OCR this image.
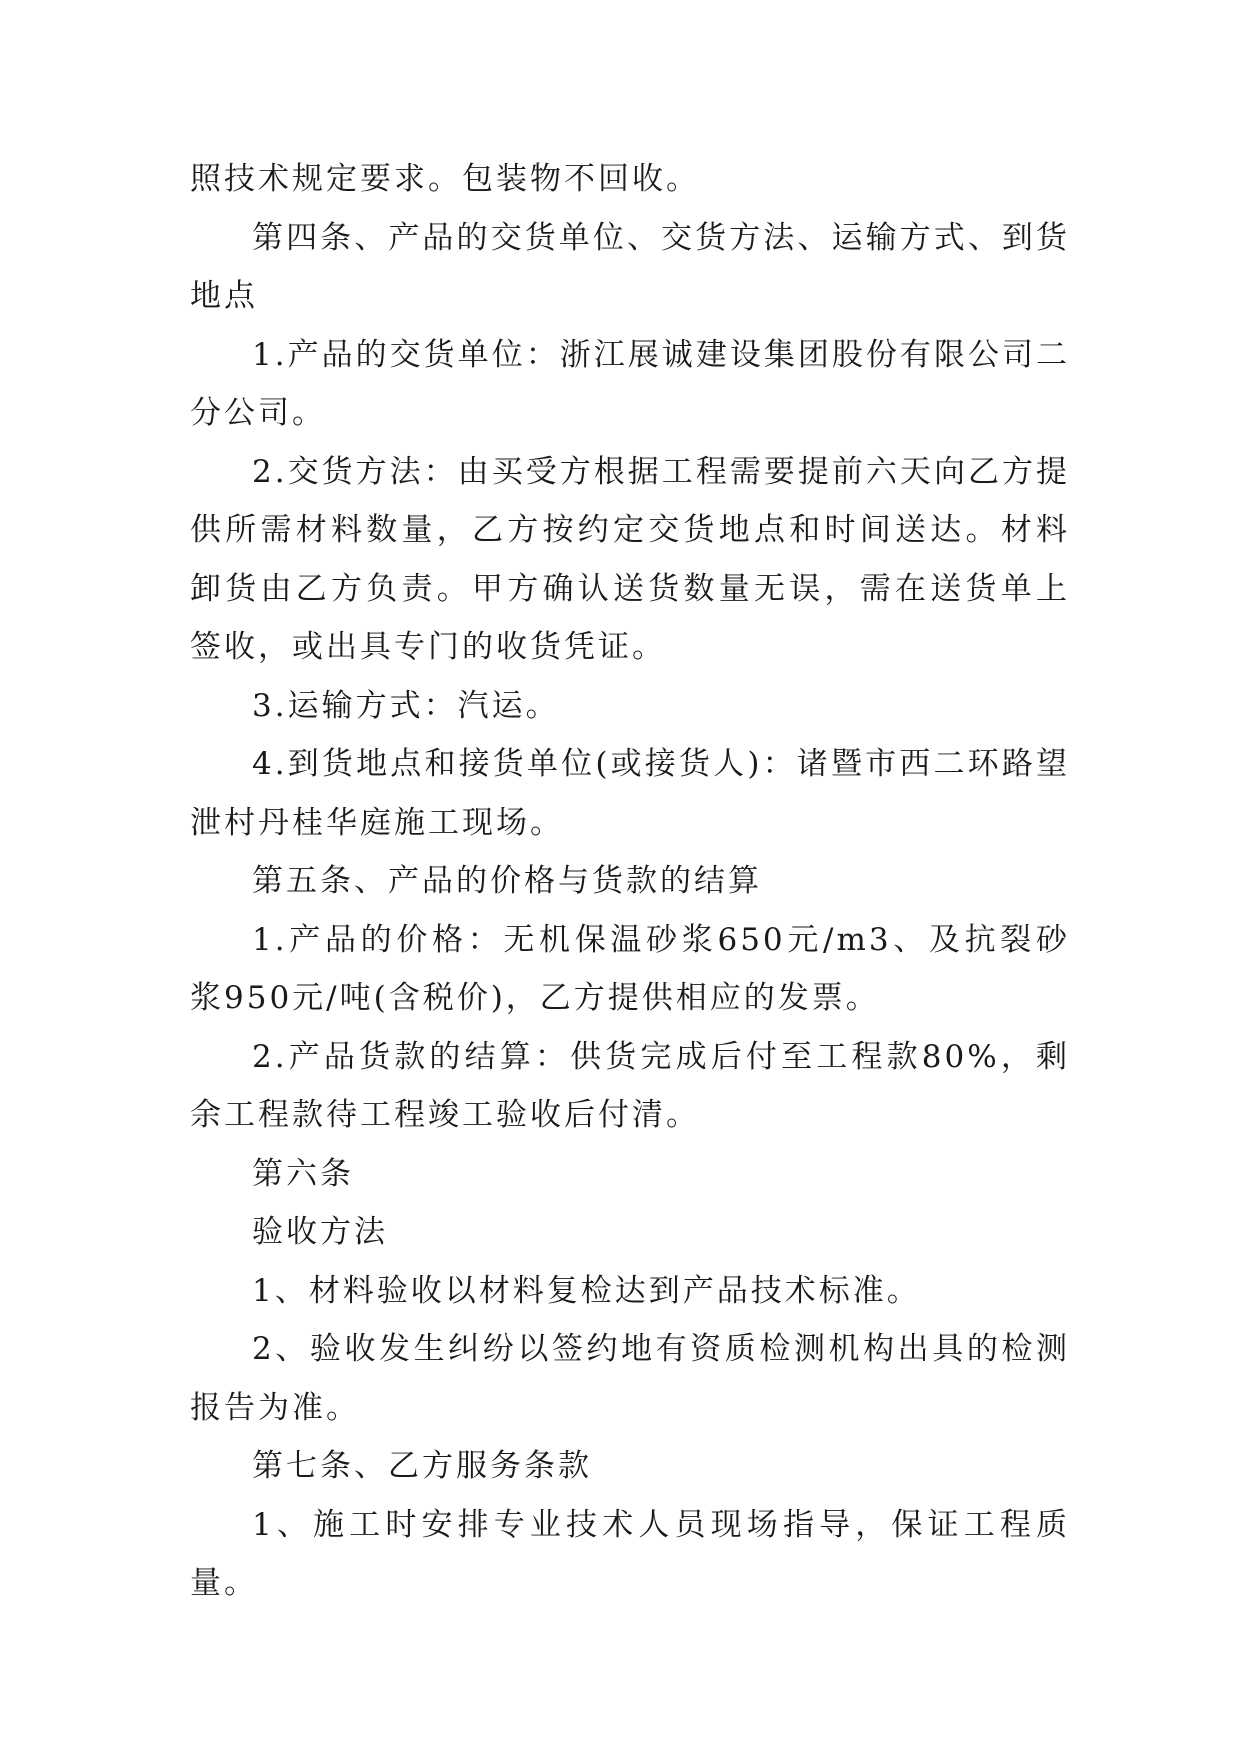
照技术规定要求。包装物不回收。

第四条、产品的交货单位、交货方法、运输方式、到货地点

1.产品的交货单位：浙江展诚建设集团股份有限公司二分公司。

2.交货方法：由买受方根据工程需要提前六天向乙方提供所需材料数量，乙方按约定交货地点和时间送达。材料卸货由乙方负责。甲方确认送货数量无误，需在送货单上签收，或出具专门的收货凭证。

3.运输方式：汽运。

4.到货地点和接货单位(或接货人)：诸暨市西二环路望泄村丹桂华庭施工现场。

第五条、产品的价格与货款的结算

1.产品的价格：无机保温砂浆650元/m3、及抗裂砂浆950元/吨(含税价)，乙方提供相应的发票。

2.产品货款的结算：供货完成后付至工程款80%，剩余工程款待工程竣工验收后付清。

第六条

验收方法

1、材料验收以材料复检达到产品技术标准。

2、验收发生纠纷以签约地有资质检测机构出具的检测报告为准。

第七条、乙方服务条款

1、施工时安排专业技术人员现场指导，保证工程质量。
